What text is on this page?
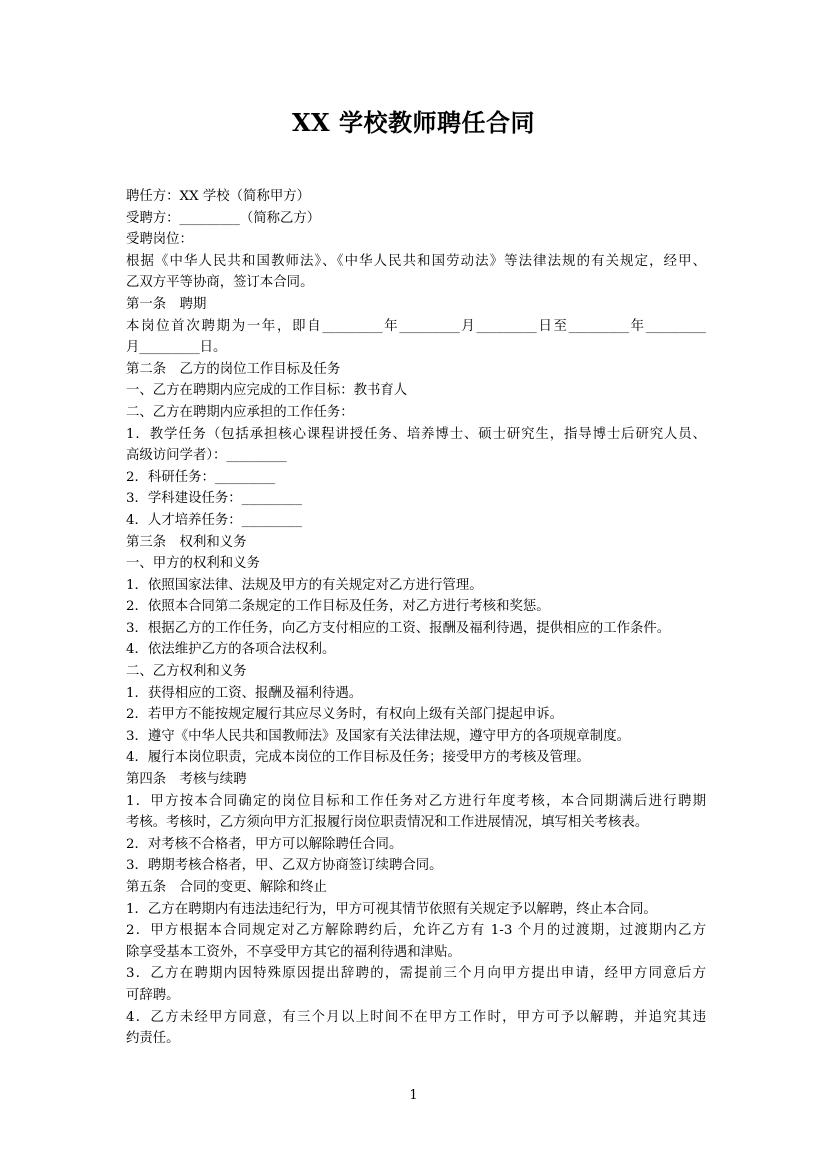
XX 学校教师聘任合同
聘任方：XX 学校（简称甲方）
受聘方：_________（简称乙方）
受聘岗位：
根据《中华人民共和国教师法》、《中华人民共和国劳动法》等法律法规的有关规定，经甲、
乙双方平等协商，签订本合同。
第一条　聘期
本岗位首次聘期为一年，即自_________年_________月_________日至_________年_________
月_________日。
第二条　乙方的岗位工作目标及任务
一、乙方在聘期内应完成的工作目标：教书育人
二、乙方在聘期内应承担的工作任务：
1．教学任务（包括承担核心课程讲授任务、培养博士、硕士研究生，指导博士后研究人员、
高级访问学者）：_________
2．科研任务：_________
3．学科建设任务：_________
4．人才培养任务：_________
第三条　权利和义务
一、甲方的权利和义务
1．依照国家法律、法规及甲方的有关规定对乙方进行管理。
2．依照本合同第二条规定的工作目标及任务，对乙方进行考核和奖惩。
3．根据乙方的工作任务，向乙方支付相应的工资、报酬及福利待遇，提供相应的工作条件。
4．依法维护乙方的各项合法权利。
二、乙方权利和义务
1．获得相应的工资、报酬及福利待遇。
2．若甲方不能按规定履行其应尽义务时，有权向上级有关部门提起申诉。
3．遵守《中华人民共和国教师法》及国家有关法律法规，遵守甲方的各项规章制度。
4．履行本岗位职责，完成本岗位的工作目标及任务；接受甲方的考核及管理。
第四条　考核与续聘
1．甲方按本合同确定的岗位目标和工作任务对乙方进行年度考核，本合同期满后进行聘期
考核。考核时，乙方须向甲方汇报履行岗位职责情况和工作进展情况，填写相关考核表。
2．对考核不合格者，甲方可以解除聘任合同。
3．聘期考核合格者，甲、乙双方协商签订续聘合同。
第五条　合同的变更、解除和终止
1．乙方在聘期内有违法违纪行为，甲方可视其情节依照有关规定予以解聘，终止本合同。
2．甲方根据本合同规定对乙方解除聘约后，允许乙方有 1-3 个月的过渡期，过渡期内乙方
除享受基本工资外，不享受甲方其它的福利待遇和津贴。
3．乙方在聘期内因特殊原因提出辞聘的，需提前三个月向甲方提出申请，经甲方同意后方
可辞聘。
4．乙方未经甲方同意，有三个月以上时间不在甲方工作时，甲方可予以解聘，并追究其违
约责任。
1
